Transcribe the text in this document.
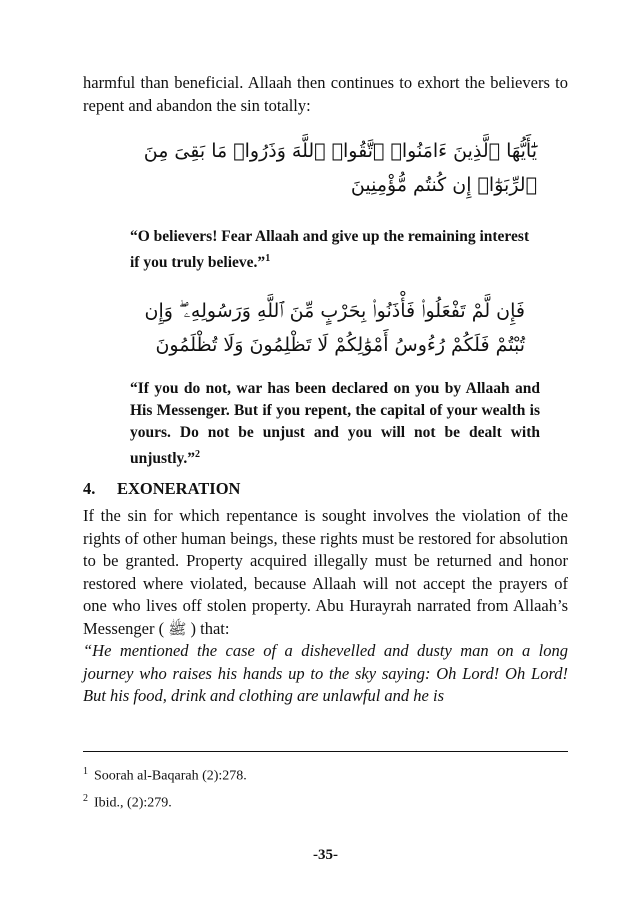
harmful than beneficial. Allaah then continues to exhort the believers to repent and abandon the sin totally:

يَٰٓأَيُّهَا ٱلَّذِينَ ءَامَنُوا۟ ٱتَّقُوا۟ ٱللَّهَ وَذَرُوا۟ مَا بَقِىَ مِنَ ٱلرِّبَوٰٓا۟ إِن كُنتُم مُّؤْمِنِينَ

“O believers! Fear Allaah and give up the remaining interest if you truly believe.”$^1$

فَإِن لَّمْ تَفْعَلُوا۟ فَأْذَنُوا۟ بِحَرْبٍ مِّنَ ٱللَّهِ وَرَسُولِهِۦ ۖ وَإِن تُبْتُمْ فَلَكُمْ رُءُوسُ أَمْوَٰلِكُمْ لَا تَظْلِمُونَ وَلَا تُظْلَمُونَ

“If you do not, war has been declared on you by Allaah and His Messenger. But if you repent, the capital of your wealth is yours. Do not be unjust and you will not be dealt with unjustly.”$^2$

4. EXONERATION

If the sin for which repentance is sought involves the violation of the rights of other human beings, these rights must be restored for absolution to be granted. Property acquired illegally must be returned and honor restored where violated, because Allaah will not accept the prayers of one who lives off stolen property. Abu Hurayrah narrated from Allaah’s Messenger ( ﷺ ) that:

“He mentioned the case of a dishevelled and dusty man on a long journey who raises his hands up to the sky saying: Oh Lord! Oh Lord! But his food, drink and clothing are unlawful and he is

$^1$ Soorah al-Baqarah (2):278.

$^2$ Ibid., (2):279.

-35-
